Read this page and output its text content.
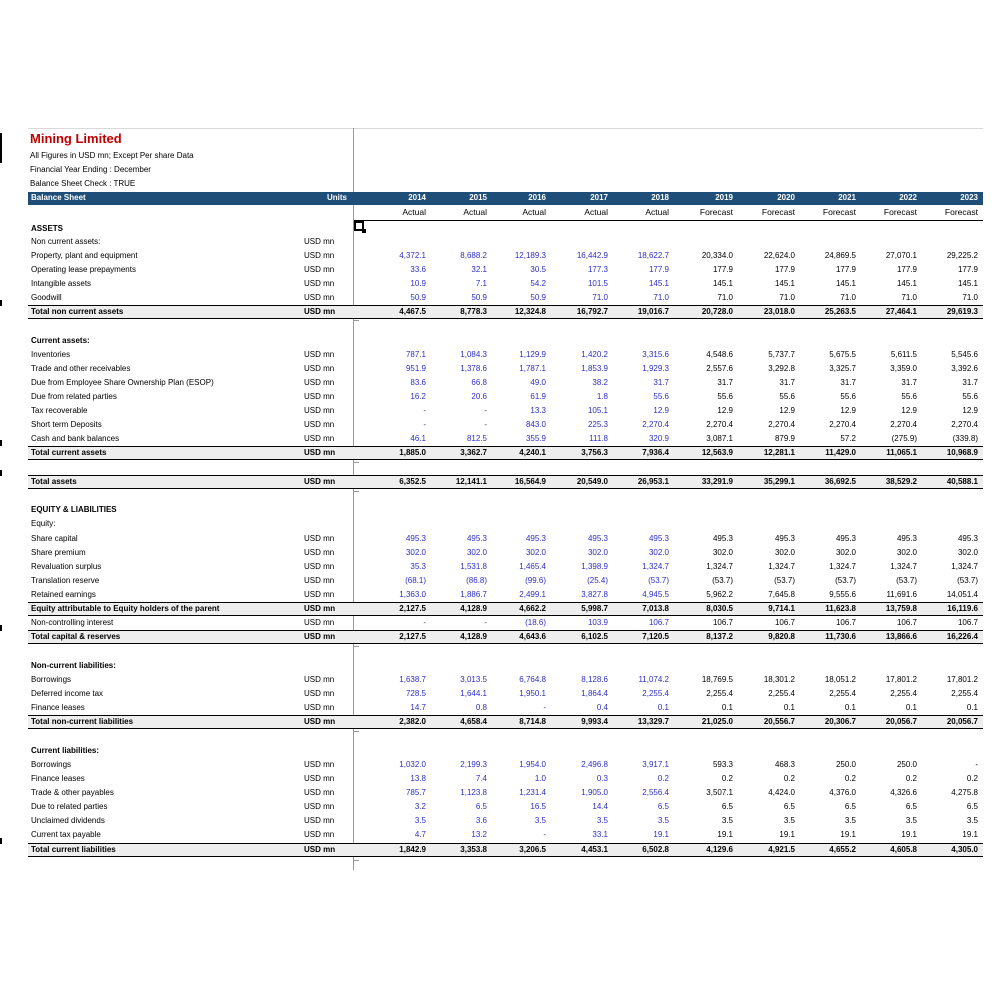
Mining Limited
All Figures in USD mn; Except Per share Data
Financial Year Ending : December
Balance Sheet Check : TRUE
Balance Sheet	Units	2014	2015	2016	2017	2018	2019	2020	2021	2022	2023
Actual	Actual	Actual	Actual	Actual	Forecast	Forecast	Forecast	Forecast	Forecast
ASSETS
Non current assets:	USD mn
Property, plant and equipment	USD mn	4,372.1	8,688.2	12,189.3	16,442.9	18,622.7	20,334.0	22,624.0	24,869.5	27,070.1	29,225.2
Operating lease prepayments	USD mn	33.6	32.1	30.5	177.3	177.9	177.9	177.9	177.9	177.9	177.9
Intangible assets	USD mn	10.9	7.1	54.2	101.5	145.1	145.1	145.1	145.1	145.1	145.1
Goodwill	USD mn	50.9	50.9	50.9	71.0	71.0	71.0	71.0	71.0	71.0	71.0
Total non current assets	USD mn	4,467.5	8,778.3	12,324.8	16,792.7	19,016.7	20,728.0	23,018.0	25,263.5	27,464.1	29,619.3
Current assets:
Inventories	USD mn	787.1	1,084.3	1,129.9	1,420.2	3,315.6	4,548.6	5,737.7	5,675.5	5,611.5	5,545.6
Trade and other receivables	USD mn	951.9	1,378.6	1,787.1	1,853.9	1,929.3	2,557.6	3,292.8	3,325.7	3,359.0	3,392.6
Due from Employee Share Ownership Plan (ESOP)	USD mn	83.6	66.8	49.0	38.2	31.7	31.7	31.7	31.7	31.7	31.7
Due from related parties	USD mn	16.2	20.6	61.9	1.8	55.6	55.6	55.6	55.6	55.6	55.6
Tax recoverable	USD mn	-	-	13.3	105.1	12.9	12.9	12.9	12.9	12.9	12.9
Short term Deposits	USD mn	-	-	843.0	225.3	2,270.4	2,270.4	2,270.4	2,270.4	2,270.4	2,270.4
Cash and bank balances	USD mn	46.1	812.5	355.9	111.8	320.9	3,087.1	879.9	57.2	(275.9)	(339.8)
Total current assets	USD mn	1,885.0	3,362.7	4,240.1	3,756.3	7,936.4	12,563.9	12,281.1	11,429.0	11,065.1	10,968.9
Total assets	USD mn	6,352.5	12,141.1	16,564.9	20,549.0	26,953.1	33,291.9	35,299.1	36,692.5	38,529.2	40,588.1
EQUITY & LIABILITIES
Equity:
Share capital	USD mn	495.3	495.3	495.3	495.3	495.3	495.3	495.3	495.3	495.3	495.3
Share premium	USD mn	302.0	302.0	302.0	302.0	302.0	302.0	302.0	302.0	302.0	302.0
Revaluation surplus	USD mn	35.3	1,531.8	1,465.4	1,398.9	1,324.7	1,324.7	1,324.7	1,324.7	1,324.7	1,324.7
Translation reserve	USD mn	(68.1)	(86.8)	(99.6)	(25.4)	(53.7)	(53.7)	(53.7)	(53.7)	(53.7)	(53.7)
Retained earnings	USD mn	1,363.0	1,886.7	2,499.1	3,827.8	4,945.5	5,962.2	7,645.8	9,555.6	11,691.6	14,051.4
Equity attributable to Equity holders of the parent	USD mn	2,127.5	4,128.9	4,662.2	5,998.7	7,013.8	8,030.5	9,714.1	11,623.8	13,759.8	16,119.6
Non-controlling interest	USD mn	-	-	(18.6)	103.9	106.7	106.7	106.7	106.7	106.7	106.7
Total capital & reserves	USD mn	2,127.5	4,128.9	4,643.6	6,102.5	7,120.5	8,137.2	9,820.8	11,730.6	13,866.6	16,226.4
Non-current liabilities:
Borrowings	USD mn	1,638.7	3,013.5	6,764.8	8,128.6	11,074.2	18,769.5	18,301.2	18,051.2	17,801.2	17,801.2
Deferred income tax	USD mn	728.5	1,644.1	1,950.1	1,864.4	2,255.4	2,255.4	2,255.4	2,255.4	2,255.4	2,255.4
Finance leases	USD mn	14.7	0.8	-	0.4	0.1	0.1	0.1	0.1	0.1	0.1
Total non-current liabilities	USD mn	2,382.0	4,658.4	8,714.8	9,993.4	13,329.7	21,025.0	20,556.7	20,306.7	20,056.7	20,056.7
Current liabilities:
Borrowings	USD mn	1,032.0	2,199.3	1,954.0	2,496.8	3,917.1	593.3	468.3	250.0	250.0	-
Finance leases	USD mn	13.8	7.4	1.0	0.3	0.2	0.2	0.2	0.2	0.2	0.2
Trade & other payables	USD mn	785.7	1,123.8	1,231.4	1,905.0	2,556.4	3,507.1	4,424.0	4,376.0	4,326.6	4,275.8
Due to related parties	USD mn	3.2	6.5	16.5	14.4	6.5	6.5	6.5	6.5	6.5	6.5
Unclaimed dividends	USD mn	3.5	3.6	3.5	3.5	3.5	3.5	3.5	3.5	3.5	3.5
Current tax payable	USD mn	4.7	13.2	-	33.1	19.1	19.1	19.1	19.1	19.1	19.1
Total current liabilities	USD mn	1,842.9	3,353.8	3,206.5	4,453.1	6,502.8	4,129.6	4,921.5	4,655.2	4,605.8	4,305.0
